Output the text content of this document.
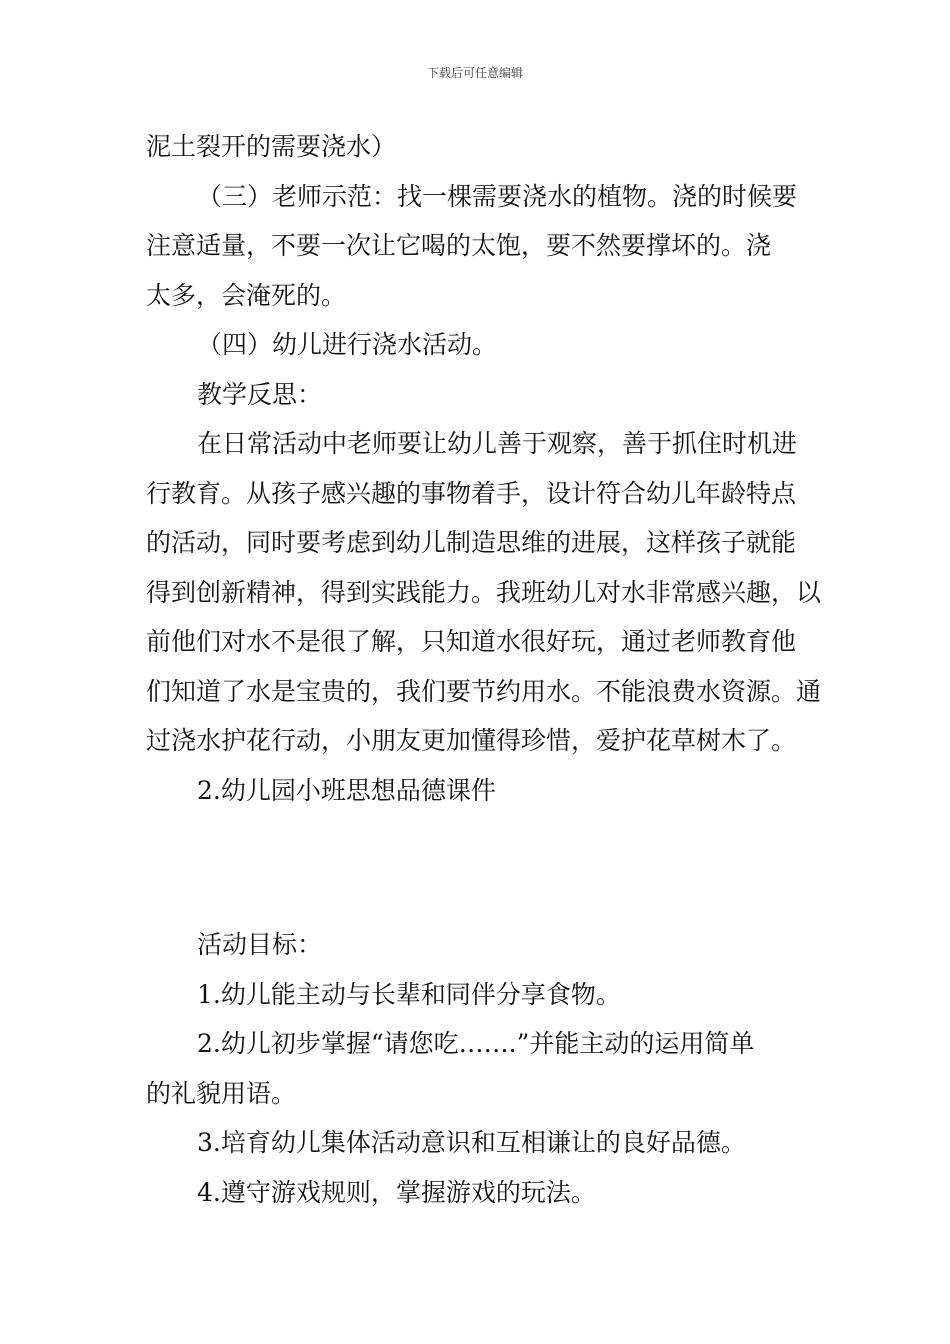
下载后可任意编辑

泥土裂开的需要浇水）

（三）老师示范：找一棵需要浇水的植物。浇的时候要

注意适量，不要一次让它喝的太饱，要不然要撑坏的。浇

太多，会淹死的。

（四）幼儿进行浇水活动。

教学反思：

在日常活动中老师要让幼儿善于观察，善于抓住时机进

行教育。从孩子感兴趣的事物着手，设计符合幼儿年龄特点

的活动，同时要考虑到幼儿制造思维的进展，这样孩子就能

得到创新精神，得到实践能力。我班幼儿对水非常感兴趣，以

前他们对水不是很了解，只知道水很好玩，通过老师教育他

们知道了水是宝贵的，我们要节约用水。不能浪费水资源。通

过浇水护花行动，小朋友更加懂得珍惜，爱护花草树木了。

2.幼儿园小班思想品德课件

活动目标：

1.幼儿能主动与长辈和同伴分享食物。

2.幼儿初步掌握“请您吃…….”并能主动的运用简单

的礼貌用语。

3.培育幼儿集体活动意识和互相谦让的良好品德。

4.遵守游戏规则，掌握游戏的玩法。
